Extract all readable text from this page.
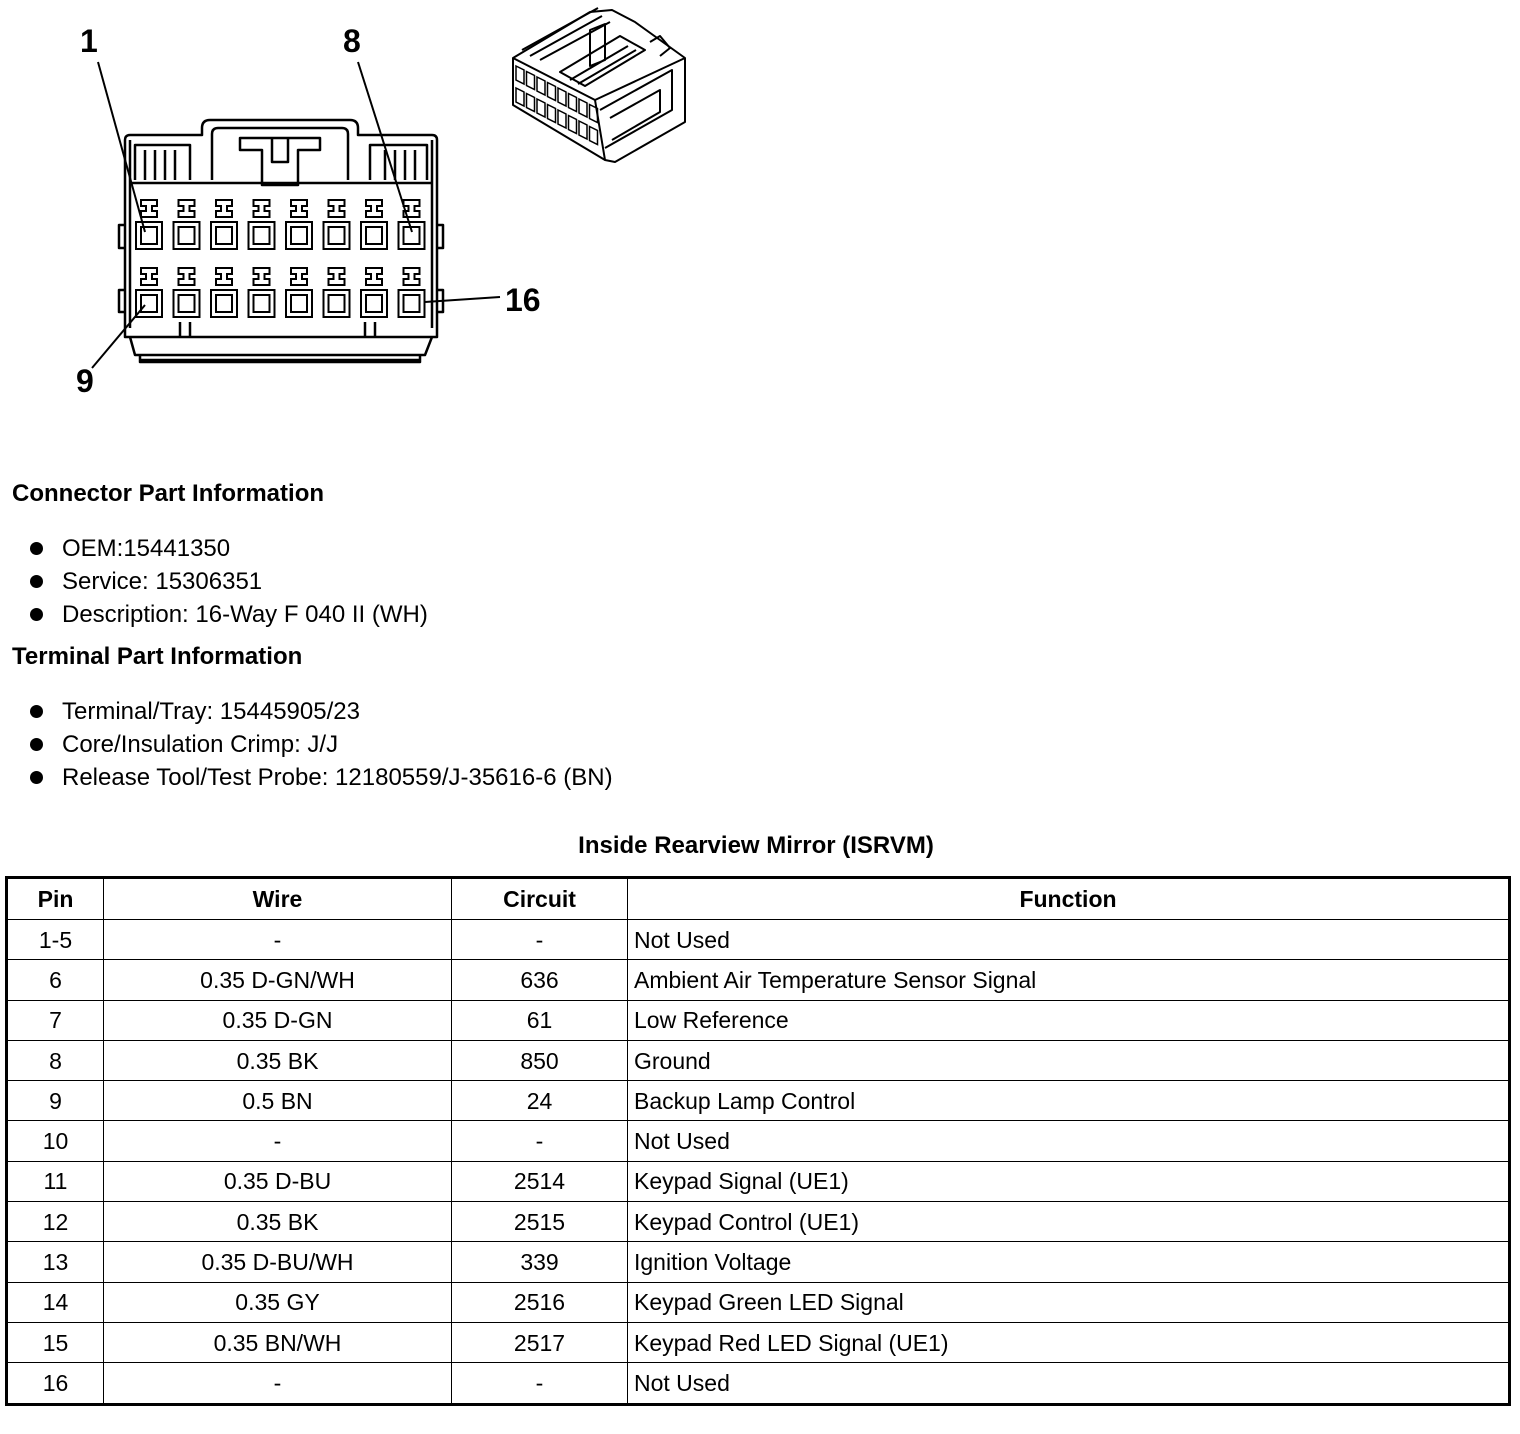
1	8
16
9
Connector Part Information
OEM:15441350
Service: 15306351
Description: 16-Way F 040 II (WH)
Terminal Part Information
Terminal/Tray: 15445905/23
Core/Insulation Crimp: J/J
Release Tool/Test Probe: 12180559/J-35616-6 (BN)
Inside Rearview Mirror (ISRVM)
Pin	Wire	Circuit	Function
1-5	-	-	Not Used
6	0.35 D-GN/WH	636	Ambient Air Temperature Sensor Signal
7	0.35 D-GN	61	Low Reference
8	0.35 BK	850	Ground
9	0.5 BN	24	Backup Lamp Control
10	-	-	Not Used
11	0.35 D-BU	2514	Keypad Signal (UE1)
12	0.35 BK	2515	Keypad Control (UE1)
13	0.35 D-BU/WH	339	Ignition Voltage
14	0.35 GY	2516	Keypad Green LED Signal
15	0.35 BN/WH	2517	Keypad Red LED Signal (UE1)
16	-	-	Not Used
